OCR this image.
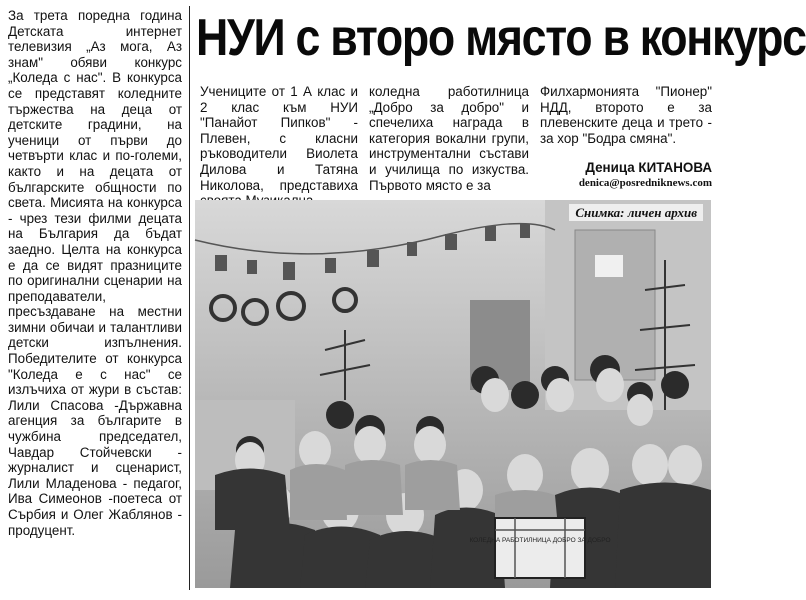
За трета поредна година Детската интернет телевизия „Аз мога, Аз знам" обяви конкурс „Коледа с нас". В конкурса се представят коледните тържества на деца от детските градини, на ученици от първи до четвърти клас и по-големи, както и на децата от българските общности по света. Мисията на конкурса - чрез тези филми децата на България да бъдат заедно. Целта на конкурса е да се видят празниците по оригинални сценарии на преподаватели, пресъздаване на местни зимни обичаи и талантливи детски изпълнения. Победителите от конкурса "Коледа е с нас" се излъчиха от жури в състав: Лили Спасова -Държавна агенция за българите в чужбина председател, Чавдар Стойчевски - журналист и сценарист, Лили Младенова - педагог, Ива Симеонов -поетеса от Сърбия и Олег Жаблянов - продуцент.

НУИ с второ място в конкурс

Учениците от 1 А клас и 2 клас към НУИ "Панайот Пипков" - Плевен, с класни ръководители Виолета Дилова и Татяна Николова, представиха

коледна работилница „Добро за добро" и спечелиха награда в категория вокални групи, инструментални състави и училища по изкуства. Първото място е за

Филхармонията "Пионер" НДД, второто е за плевенските деца и трето - за хор "Бодра смяна".

Деница КИТАНОВА
denica@posredniknews.com
КОЛЕДНА РАБОТИЛНИЦА ДОБРО ЗА ДОБРО
Снимка: личен архив
